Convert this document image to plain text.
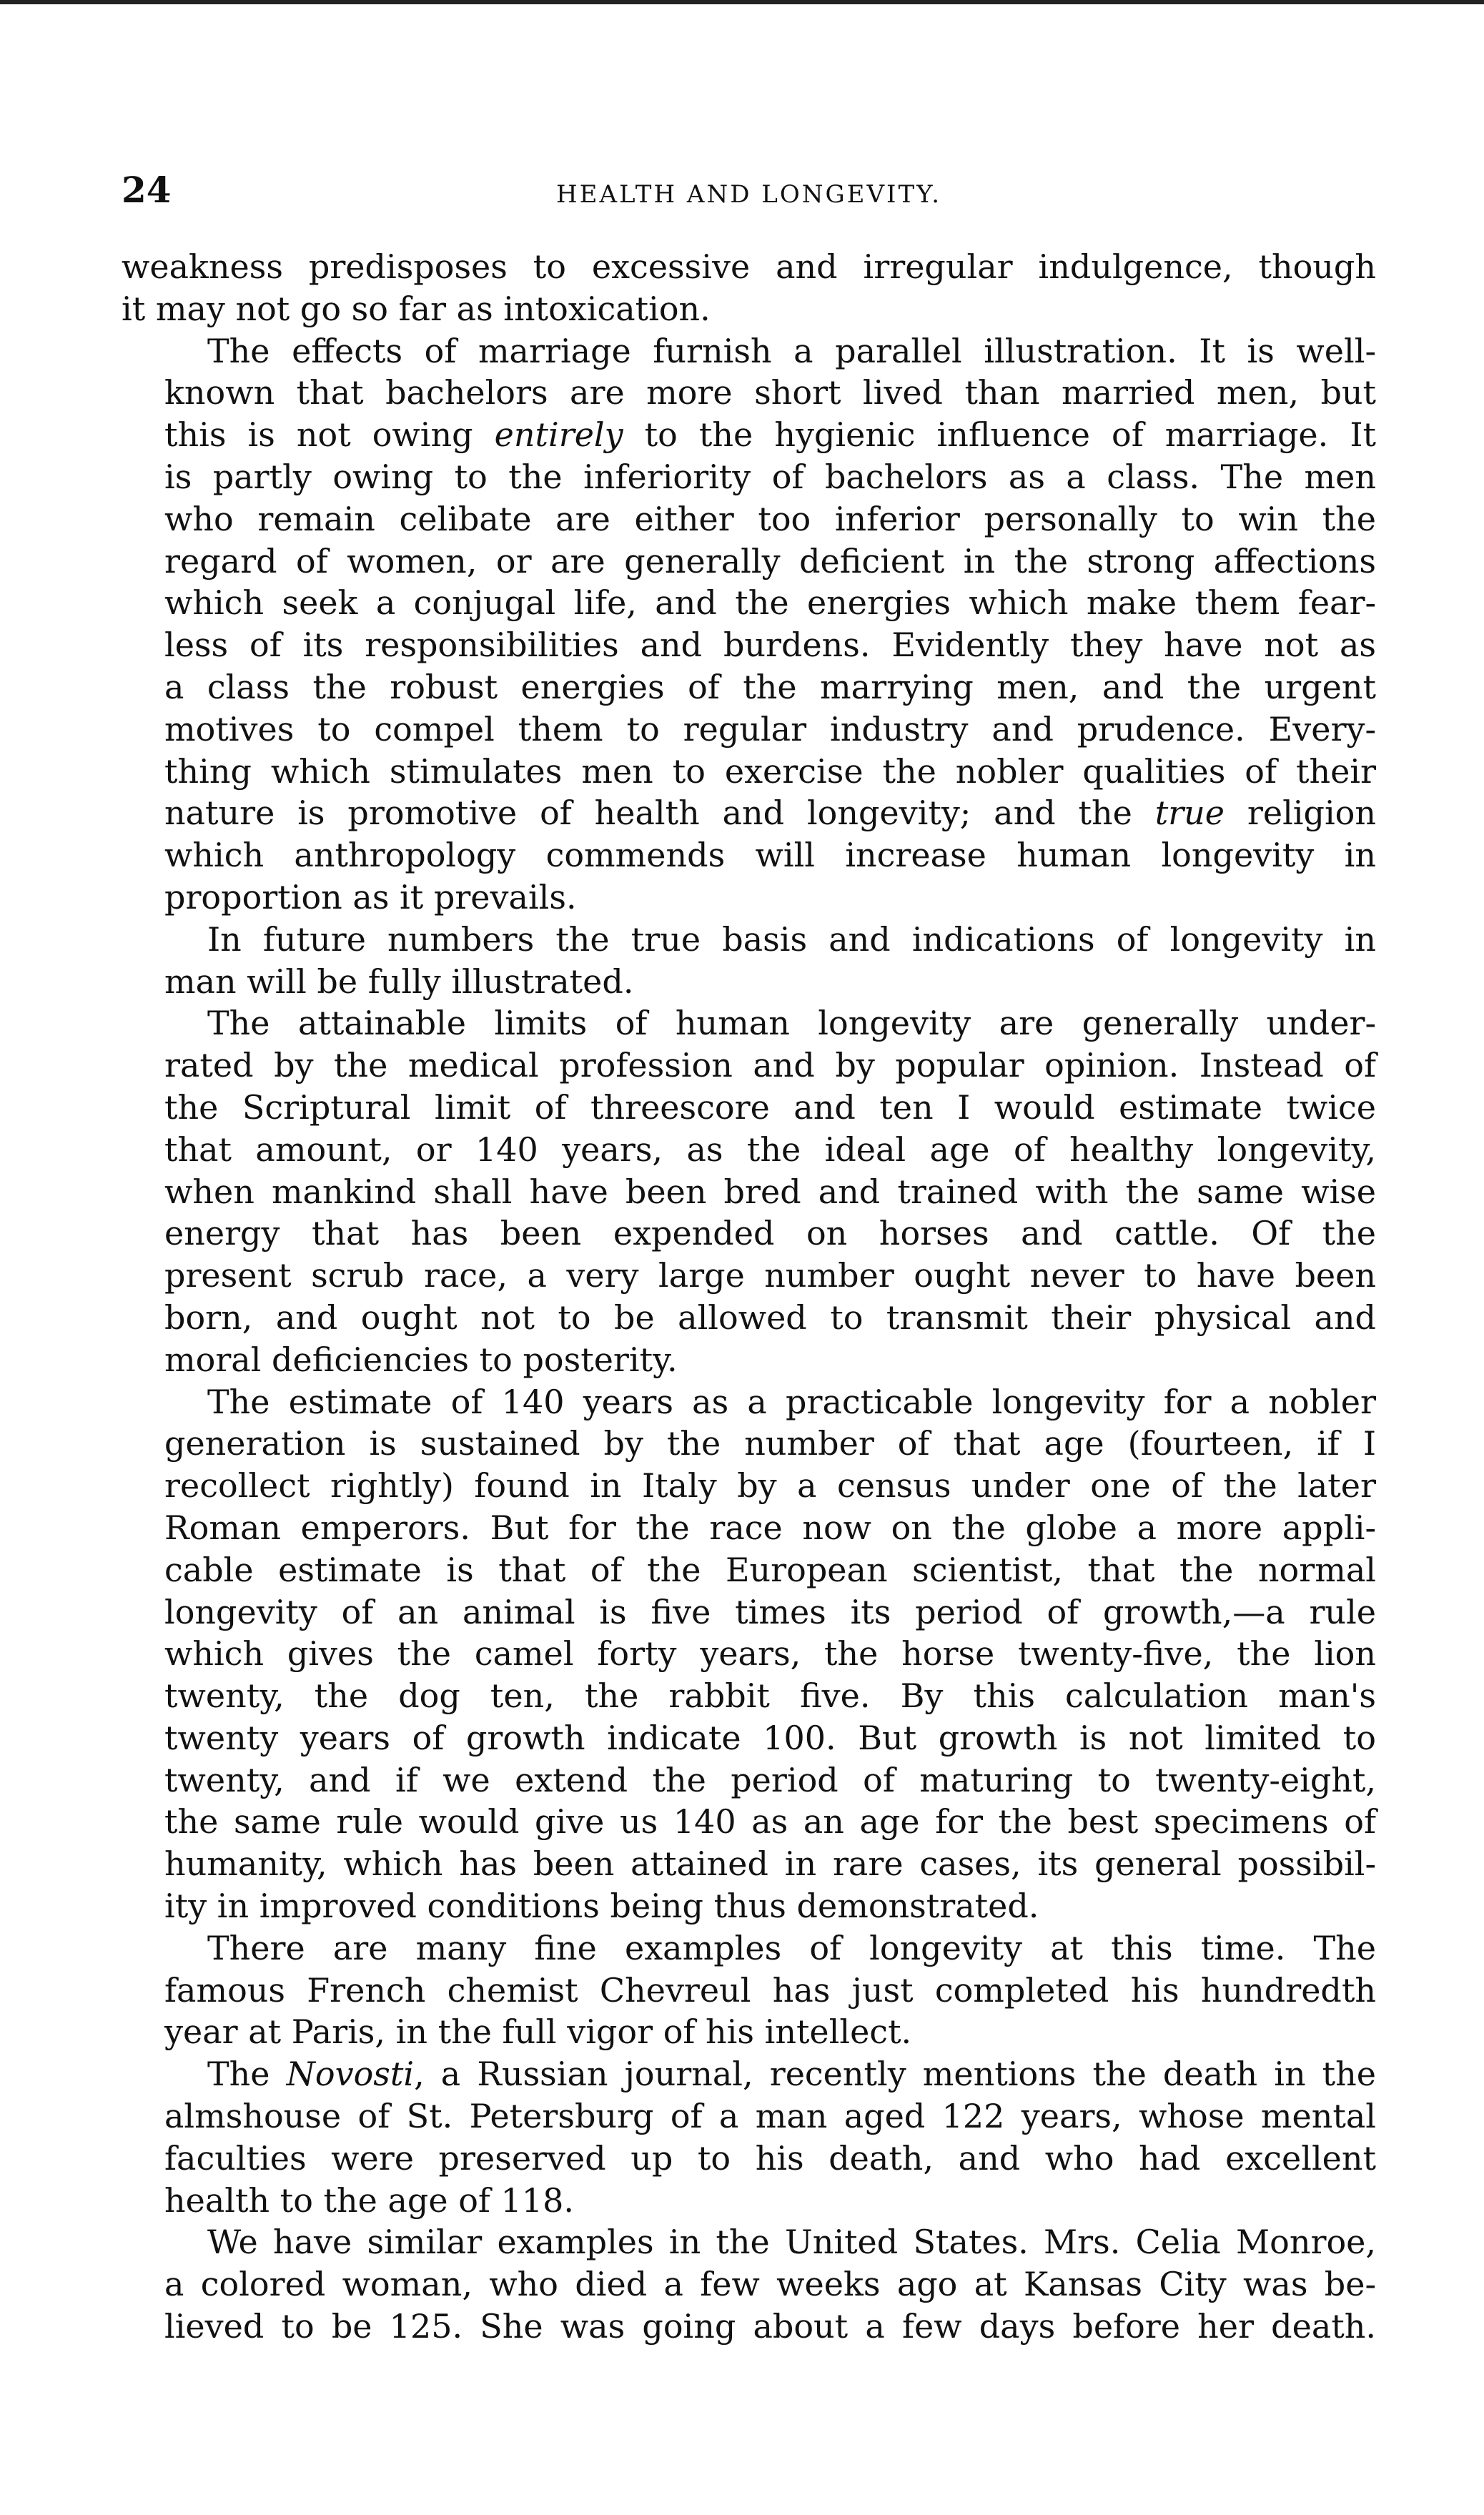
24	HEALTH AND LONGEVITY.
weakness predisposes to excessive and irregular indulgence, though
it may not go so far as intoxication.
The effects of marriage furnish a parallel illustration. It is well-
known that bachelors are more short lived than married men, but
this is not owing entirely to the hygienic influence of marriage. It
is partly owing to the inferiority of bachelors as a class. The men
who remain celibate are either too inferior personally to win the
regard of women, or are generally deficient in the strong affections
which seek a conjugal life, and the energies which make them fear-
less of its responsibilities and burdens. Evidently they have not as
a class the robust energies of the marrying men, and the urgent
motives to compel them to regular industry and prudence. Every-
thing which stimulates men to exercise the nobler qualities of their
nature is promotive of health and longevity; and the true religion
which anthropology commends will increase human longevity in
proportion as it prevails.
In future numbers the true basis and indications of longevity in
man will be fully illustrated.
The attainable limits of human longevity are generally under-
rated by the medical profession and by popular opinion. Instead of
the Scriptural limit of threescore and ten I would estimate twice
that amount, or 140 years, as the ideal age of healthy longevity,
when mankind shall have been bred and trained with the same wise
energy that has been expended on horses and cattle. Of the
present scrub race, a very large number ought never to have been
born, and ought not to be allowed to transmit their physical and
moral deficiencies to posterity.
The estimate of 140 years as a practicable longevity for a nobler
generation is sustained by the number of that age (fourteen, if I
recollect rightly) found in Italy by a census under one of the later
Roman emperors. But for the race now on the globe a more appli-
cable estimate is that of the European scientist, that the normal
longevity of an animal is five times its period of growth,—a rule
which gives the camel forty years, the horse twenty-five, the lion
twenty, the dog ten, the rabbit five. By this calculation man's
twenty years of growth indicate 100. But growth is not limited to
twenty, and if we extend the period of maturing to twenty-eight,
the same rule would give us 140 as an age for the best specimens of
humanity, which has been attained in rare cases, its general possibil-
ity in improved conditions being thus demonstrated.
There are many fine examples of longevity at this time. The
famous French chemist Chevreul has just completed his hundredth
year at Paris, in the full vigor of his intellect.
The Novosti, a Russian journal, recently mentions the death in the
almshouse of St. Petersburg of a man aged 122 years, whose mental
faculties were preserved up to his death, and who had excellent
health to the age of 118.
We have similar examples in the United States. Mrs. Celia Monroe,
a colored woman, who died a few weeks ago at Kansas City was be-
lieved to be 125. She was going about a few days before her death.
